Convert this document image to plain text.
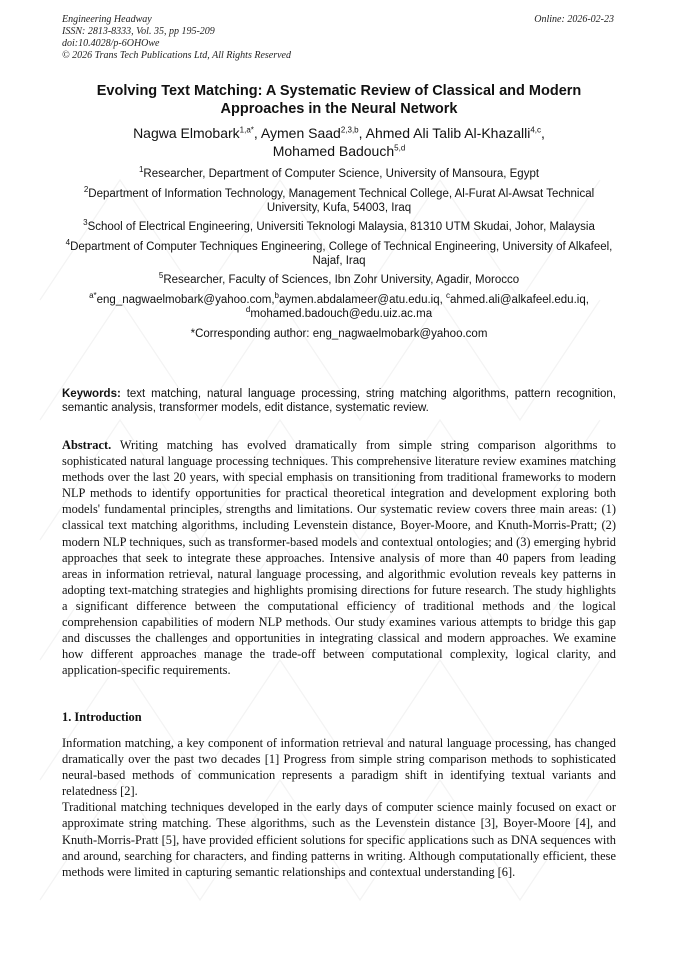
Engineering Headway
ISSN: 2813-8333, Vol. 35, pp 195-209
doi:10.4028/p-6OHOwe
© 2026 Trans Tech Publications Ltd, All Rights Reserved
Online: 2026-02-23
Evolving Text Matching: A Systematic Review of Classical and Modern Approaches in the Neural Network
Nagwa Elmobark$^{1,a*}$, Aymen Saad$^{2,3,b}$, Ahmed Ali Talib Al-Khazalli$^{4,c}$,
Mohamed Badouch$^{5,d}$

$^1$Researcher, Department of Computer Science, University of Mansoura, Egypt

$^2$Department of Information Technology, Management Technical College, Al-Furat Al-Awsat Technical University, Kufa, 54003, Iraq

$^3$School of Electrical Engineering, Universiti Teknologi Malaysia, 81310 UTM Skudai, Johor, Malaysia

$^4$Department of Computer Techniques Engineering, College of Technical Engineering, University of Alkafeel, Najaf, Iraq

$^5$Researcher, Faculty of Sciences, Ibn Zohr University, Agadir, Morocco

$^{a*}$eng_nagwaelmobark@yahoo.com,$^b$aymen.abdalameer@atu.edu.iq, $^c$ahmed.ali@alkafeel.edu.iq,
$^d$mohamed.badouch@edu.uiz.ac.ma

*Corresponding author: eng_nagwaelmobark@yahoo.com

Keywords: text matching, natural language processing, string matching algorithms, pattern recognition, semantic analysis, transformer models, edit distance, systematic review.
Abstract. Writing matching has evolved dramatically from simple string comparison algorithms to sophisticated natural language processing techniques. This comprehensive literature review examines matching methods over the last 20 years, with special emphasis on transitioning from traditional frameworks to modern NLP methods to identify opportunities for practical theoretical integration and development exploring both models' fundamental principles, strengths and limitations. Our systematic review covers three main areas: (1) classical text matching algorithms, including Levenstein distance, Boyer-Moore, and Knuth-Morris-Pratt; (2) modern NLP techniques, such as transformer-based models and contextual ontologies; and (3) emerging hybrid approaches that seek to integrate these approaches. Intensive analysis of more than 40 papers from leading areas in information retrieval, natural language processing, and algorithmic evolution reveals key patterns in adopting text-matching strategies and highlights promising directions for future research. The study highlights a significant difference between the computational efficiency of traditional methods and the logical comprehension capabilities of modern NLP methods. Our study examines various attempts to bridge this gap and discusses the challenges and opportunities in integrating classical and modern approaches. We examine how different approaches manage the trade-off between computational complexity, logical clarity, and application-specific requirements.
1. Introduction

Information matching, a key component of information retrieval and natural language processing, has changed dramatically over the past two decades [1] Progress from simple string comparison methods to sophisticated neural-based methods of communication represents a paradigm shift in identifying textual variants and relatedness [2].

Traditional matching techniques developed in the early days of computer science mainly focused on exact or approximate string matching. These algorithms, such as the Levenstein distance [3], Boyer-Moore [4], and Knuth-Morris-Pratt [5], have provided efficient solutions for specific applications such as DNA sequences with and around, searching for characters, and finding patterns in writing. Although computationally efficient, these methods were limited in capturing semantic relationships and contextual understanding [6].
